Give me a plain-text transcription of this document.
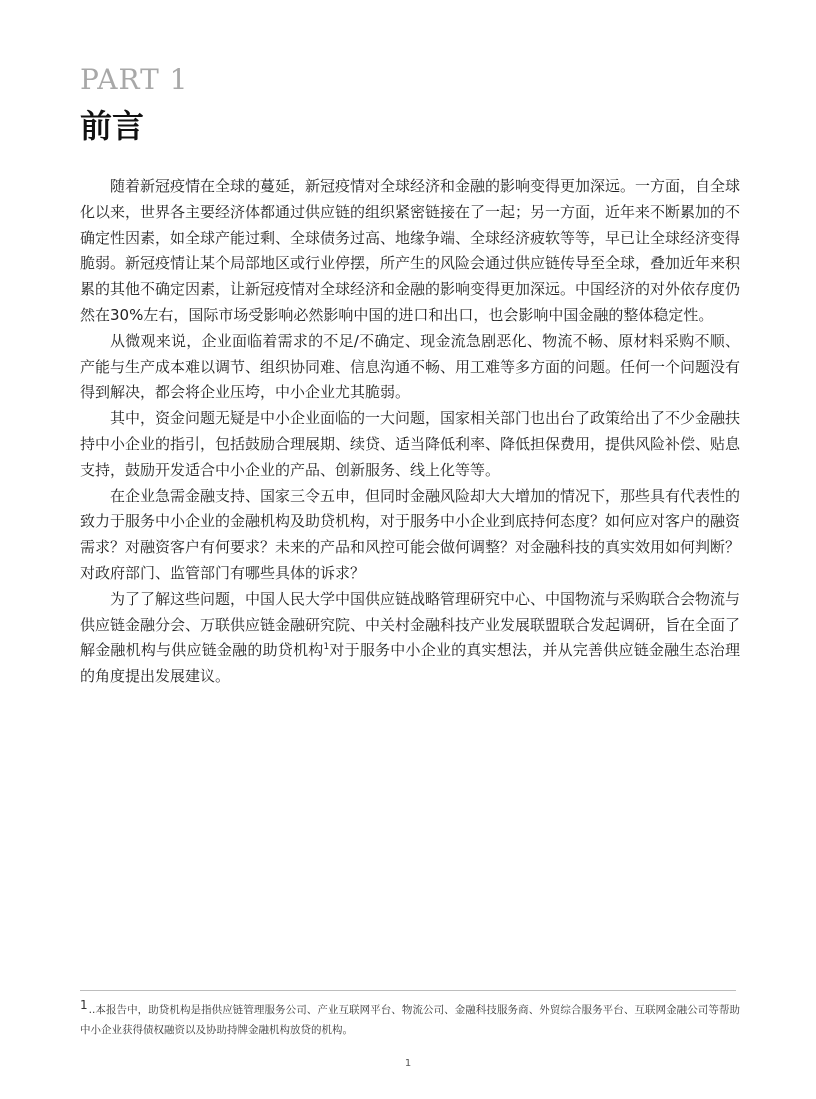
PART 1
前言

随着新冠疫情在全球的蔓延，新冠疫情对全球经济和金融的影响变得更加深远。一方面，自全球化以来，世界各主要经济体都通过供应链的组织紧密链接在了一起；另一方面，近年来不断累加的不确定性因素，如全球产能过剩、全球债务过高、地缘争端、全球经济疲软等等，早已让全球经济变得脆弱。新冠疫情让某个局部地区或行业停摆，所产生的风险会通过供应链传导至全球，叠加近年来积累的其他不确定因素，让新冠疫情对全球经济和金融的影响变得更加深远。中国经济的对外依存度仍然在30%左右，国际市场受影响必然影响中国的进口和出口，也会影响中国金融的整体稳定性。

从微观来说，企业面临着需求的不足/不确定、现金流急剧恶化、物流不畅、原材料采购不顺、产能与生产成本难以调节、组织协同难、信息沟通不畅、用工难等多方面的问题。任何一个问题没有得到解决，都会将企业压垮，中小企业尤其脆弱。

其中，资金问题无疑是中小企业面临的一大问题，国家相关部门也出台了政策给出了不少金融扶持中小企业的指引，包括鼓励合理展期、续贷、适当降低利率、降低担保费用，提供风险补偿、贴息支持，鼓励开发适合中小企业的产品、创新服务、线上化等等。

在企业急需金融支持、国家三令五申，但同时金融风险却大大增加的情况下，那些具有代表性的致力于服务中小企业的金融机构及助贷机构，对于服务中小企业到底持何态度？如何应对客户的融资需求？对融资客户有何要求？未来的产品和风控可能会做何调整？对金融科技的真实效用如何判断？对政府部门、监管部门有哪些具体的诉求？

为了了解这些问题，中国人民大学中国供应链战略管理研究中心、中国物流与采购联合会物流与供应链金融分会、万联供应链金融研究院、中关村金融科技产业发展联盟联合发起调研，旨在全面了解金融机构与供应链金融的助贷机构$^1$对于服务中小企业的真实想法，并从完善供应链金融生态治理的角度提出发展建议。

1..本报告中，助贷机构是指供应链管理服务公司、产业互联网平台、物流公司、金融科技服务商、外贸综合服务平台、互联网金融公司等帮助中小企业获得债权融资以及协助持牌金融机构放贷的机构。

1
